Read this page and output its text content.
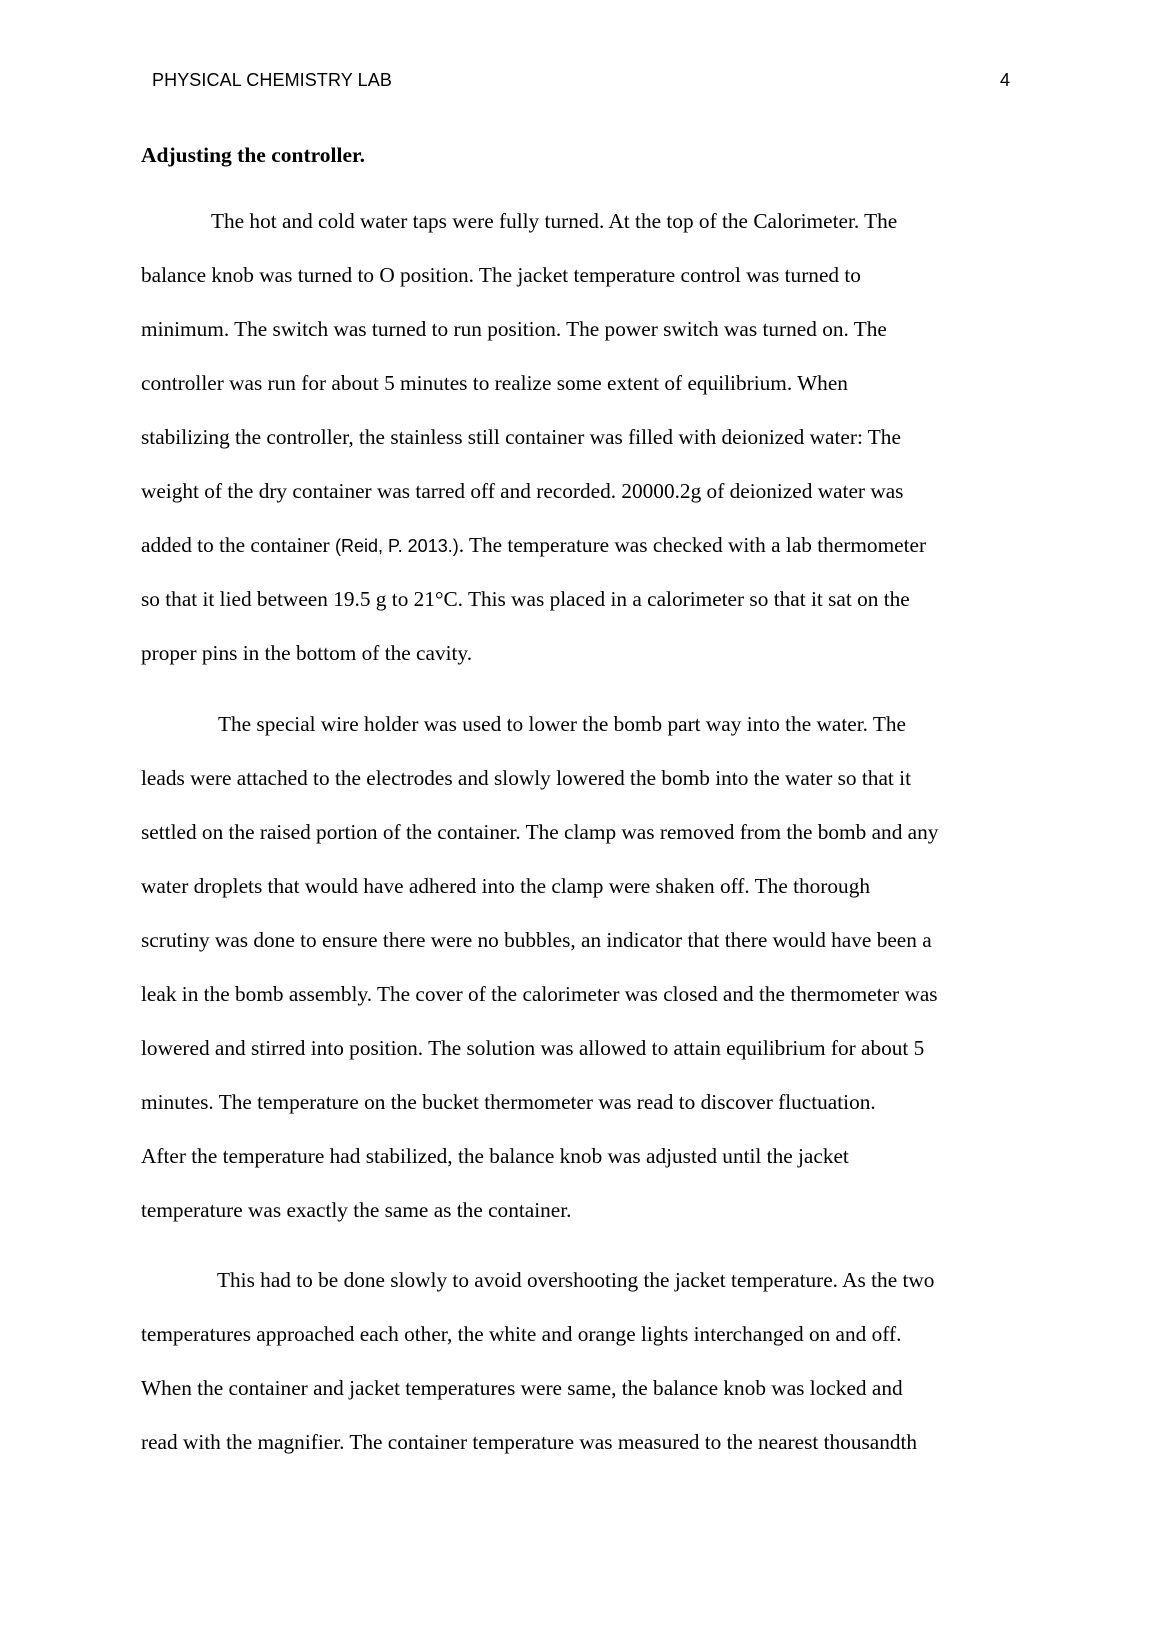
PHYSICAL CHEMISTRY LAB	4
Adjusting the controller.
The hot and cold water taps were fully turned. At the top of the Calorimeter. The
balance knob was turned to O position. The jacket temperature control was turned to
minimum. The switch was turned to run position. The power switch was turned on. The
controller was run for about 5 minutes to realize some extent of equilibrium. When
stabilizing the controller, the stainless still container was filled with deionized water: The
weight of the dry container was tarred off and recorded. 20000.2g of deionized water was
added to the container (Reid, P. 2013.). The temperature was checked with a lab thermometer
so that it lied between 19.5 g to 21°C. This was placed in a calorimeter so that it sat on the
proper pins in the bottom of the cavity.
The special wire holder was used to lower the bomb part way into the water. The
leads were attached to the electrodes and slowly lowered the bomb into the water so that it
settled on the raised portion of the container. The clamp was removed from the bomb and any
water droplets that would have adhered into the clamp were shaken off. The thorough
scrutiny was done to ensure there were no bubbles, an indicator that there would have been a
leak in the bomb assembly. The cover of the calorimeter was closed and the thermometer was
lowered and stirred into position. The solution was allowed to attain equilibrium for about 5
minutes. The temperature on the bucket thermometer was read to discover fluctuation.
After the temperature had stabilized, the balance knob was adjusted until the jacket
temperature was exactly the same as the container.
This had to be done slowly to avoid overshooting the jacket temperature. As the two
temperatures approached each other, the white and orange lights interchanged on and off.
When the container and jacket temperatures were same, the balance knob was locked and
read with the magnifier. The container temperature was measured to the nearest thousandth
